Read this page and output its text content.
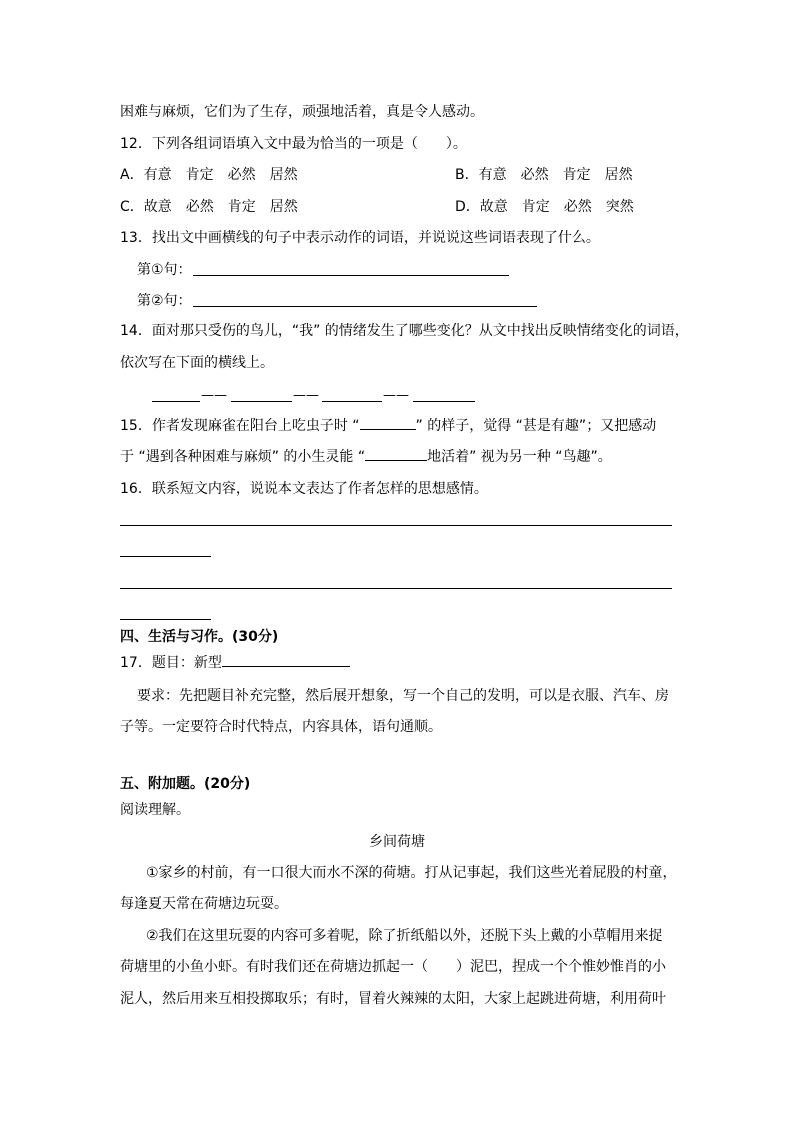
困难与麻烦，它们为了生存，顽强地活着，真是令人感动。
12．下列各组词语填入文中最为恰当的一项是（　　）。
A．有意　肯定　必然　居然	B．有意　必然　肯定　居然
C．故意　必然　肯定　居然	D．故意　肯定　必然　突然
13．找出文中画横线的句子中表示动作的词语，并说说这些词语表现了什么。
第①句：
第②句：
14．面对那只受伤的鸟儿，“我” 的情绪发生了哪些变化？从文中找出反映情绪变化的词语，
依次写在下面的横线上。
——	——	——
15．作者发现麻雀在阳台上吃虫子时 “	” 的样子，觉得 “甚是有趣”；又把感动
于 “遇到各种困难与麻烦” 的小生灵能 “	地活着” 视为另一种 “鸟趣”。
16．联系短文内容，说说本文表达了作者怎样的思想感情。
四、生活与习作。(30分)
17．题目：新型
要求：先把题目补充完整，然后展开想象，写一个自己的发明，可以是衣服、汽车、房
子等。一定要符合时代特点，内容具体，语句通顺。
五、附加题。(20分)
阅读理解。
乡间荷塘
①家乡的村前，有一口很大而水不深的荷塘。打从记事起，我们这些光着屁股的村童，
每逢夏天常在荷塘边玩耍。
②我们在这里玩耍的内容可多着呢，除了折纸船以外，还脱下头上戴的小草帽用来捉
荷塘里的小鱼小虾。有时我们还在荷塘边抓起一（　　）泥巴，捏成一个个惟妙惟肖的小
泥人，然后用来互相投掷取乐；有时，冒着火辣辣的太阳，大家上起跳进荷塘，利用荷叶
